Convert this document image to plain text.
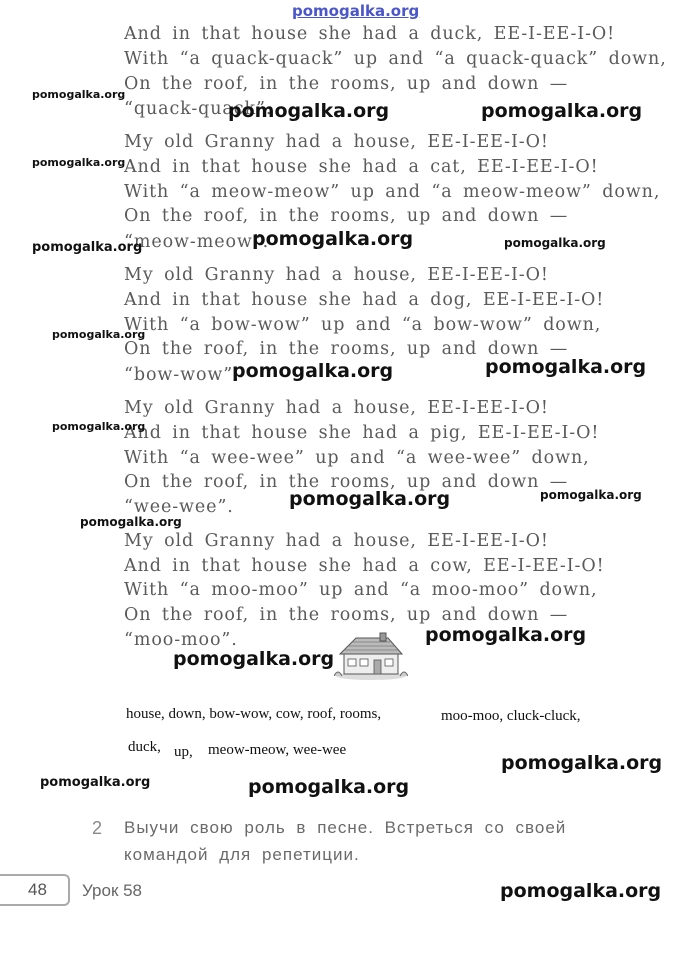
pomogalka.org
And in that house she had a duck, EE-I-EE-I-O!
With “a quack-quack” up and “a quack-quack” down,
On the roof, in the rooms, up and down —
“quack-quack”.
My old Granny had a house, EE-I-EE-I-O!
And in that house she had a cat, EE-I-EE-I-O!
With “a meow-meow” up and “a meow-meow” down,
On the roof, in the rooms, up and down —
“meow-meow”.
My old Granny had a house, EE-I-EE-I-O!
And in that house she had a dog, EE-I-EE-I-O!
With “a bow-wow” up and “a bow-wow” down,
On the roof, in the rooms, up and down —
“bow-wow”.
My old Granny had a house, EE-I-EE-I-O!
And in that house she had a pig, EE-I-EE-I-O!
With “a wee-wee” up and “a wee-wee” down,
On the roof, in the rooms, up and down —
“wee-wee”.
My old Granny had a house, EE-I-EE-I-O!
And in that house she had a cow, EE-I-EE-I-O!
With “a moo-moo” up and “a moo-moo” down,
On the roof, in the rooms, up and down —
“moo-moo”.
house, down, bow-wow, cow, roof, rooms,	moo-moo, cluck-cluck,
duck, up, meow-meow, wee-wee
2	Выучи свою роль в песне. Встреться со своей
командой для репетиции.
48 Урок 58
pomogalka.org
pomogalka.org	pomogalka.org
pomogalka.org
pomogalka.org
pomogalka.org	pomogalka.org
pomogalka.org
pomogalka.org	pomogalka.org
pomogalka.org
pomogalka.org	pomogalka.org
pomogalka.org
pomogalka.org
pomogalka.org
pomogalka.org
pomogalka.org	pomogalka.org
pomogalka.org
